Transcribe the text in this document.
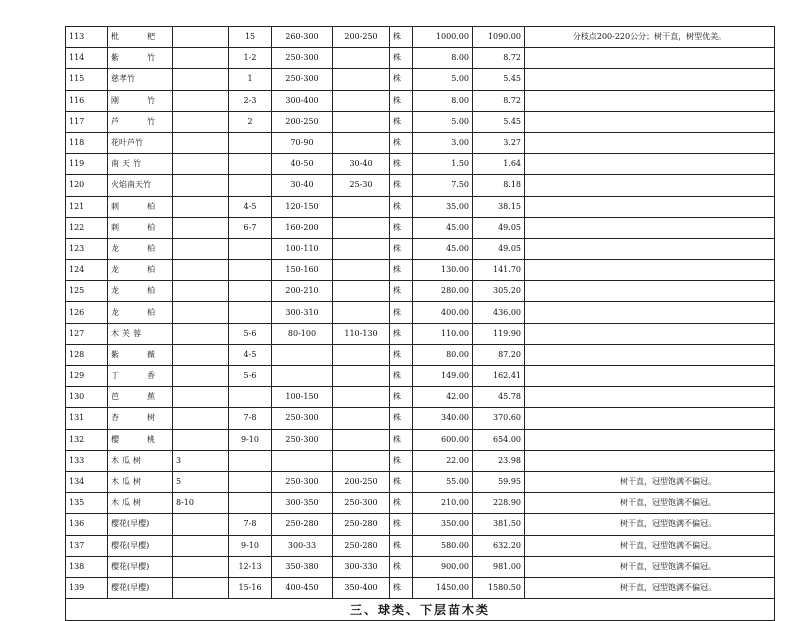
113	枇　杷		15	260-300	200-250	株	1000.00	1090.00	分枝点200-220公分；树干直，树型优美。
114	紫　竹		1-2	250-300		株	8.00	8.72	
115	慈孝竹		1	250-300		株	5.00	5.45	
116	刚　竹		2-3	300-400		株	8.00	8.72	
117	芦　竹		2	200-250		株	5.00	5.45	
118	花叶芦竹			70-90		株	3.00	3.27	
119	南天竹			40-50	30-40	株	1.50	1.64	
120	火焰南天竹			30-40	25-30	株	7.50	8.18	
121	刺　柏		4-5	120-150		株	35.00	38.15	
122	刺　柏		6-7	160-200		株	45.00	49.05	
123	龙　柏			100-110		株	45.00	49.05	
124	龙　柏			150-160		株	130.00	141.70	
125	龙　柏			200-210		株	280.00	305.20	
126	龙　柏			300-310		株	400.00	436.00	
127	木芙蓉		5-6	80-100	110-130	株	110.00	119.90	
128	紫　薇		4-5			株	80.00	87.20	
129	丁　香		5-6			株	149.00	162.41	
130	芭　蕉			100-150		株	42.00	45.78	
131	杏　树		7-8	250-300		株	340.00	370.60	
132	樱　桃		9-10	250-300		株	600.00	654.00	
133	木瓜树	3				株	22.00	23.98	
134	木瓜树	5		250-300	200-250	株	55.00	59.95	树干直，冠型饱满不偏冠。
135	木瓜树	8-10		300-350	250-300	株	210.00	228.90	树干直，冠型饱满不偏冠。
136	樱花(早樱)		7-8	250-280	250-280	株	350.00	381.50	树干直，冠型饱满不偏冠。
137	樱花(早樱)		9-10	300-33	250-280	株	580.00	632.20	树干直，冠型饱满不偏冠。
138	樱花(早樱)		12-13	350-380	300-330	株	900.00	981.00	树干直，冠型饱满不偏冠。
139	樱花(早樱)		15-16	400-450	350-400	株	1450.00	1580.50	树干直，冠型饱满不偏冠。
三、球类、下层苗木类									
